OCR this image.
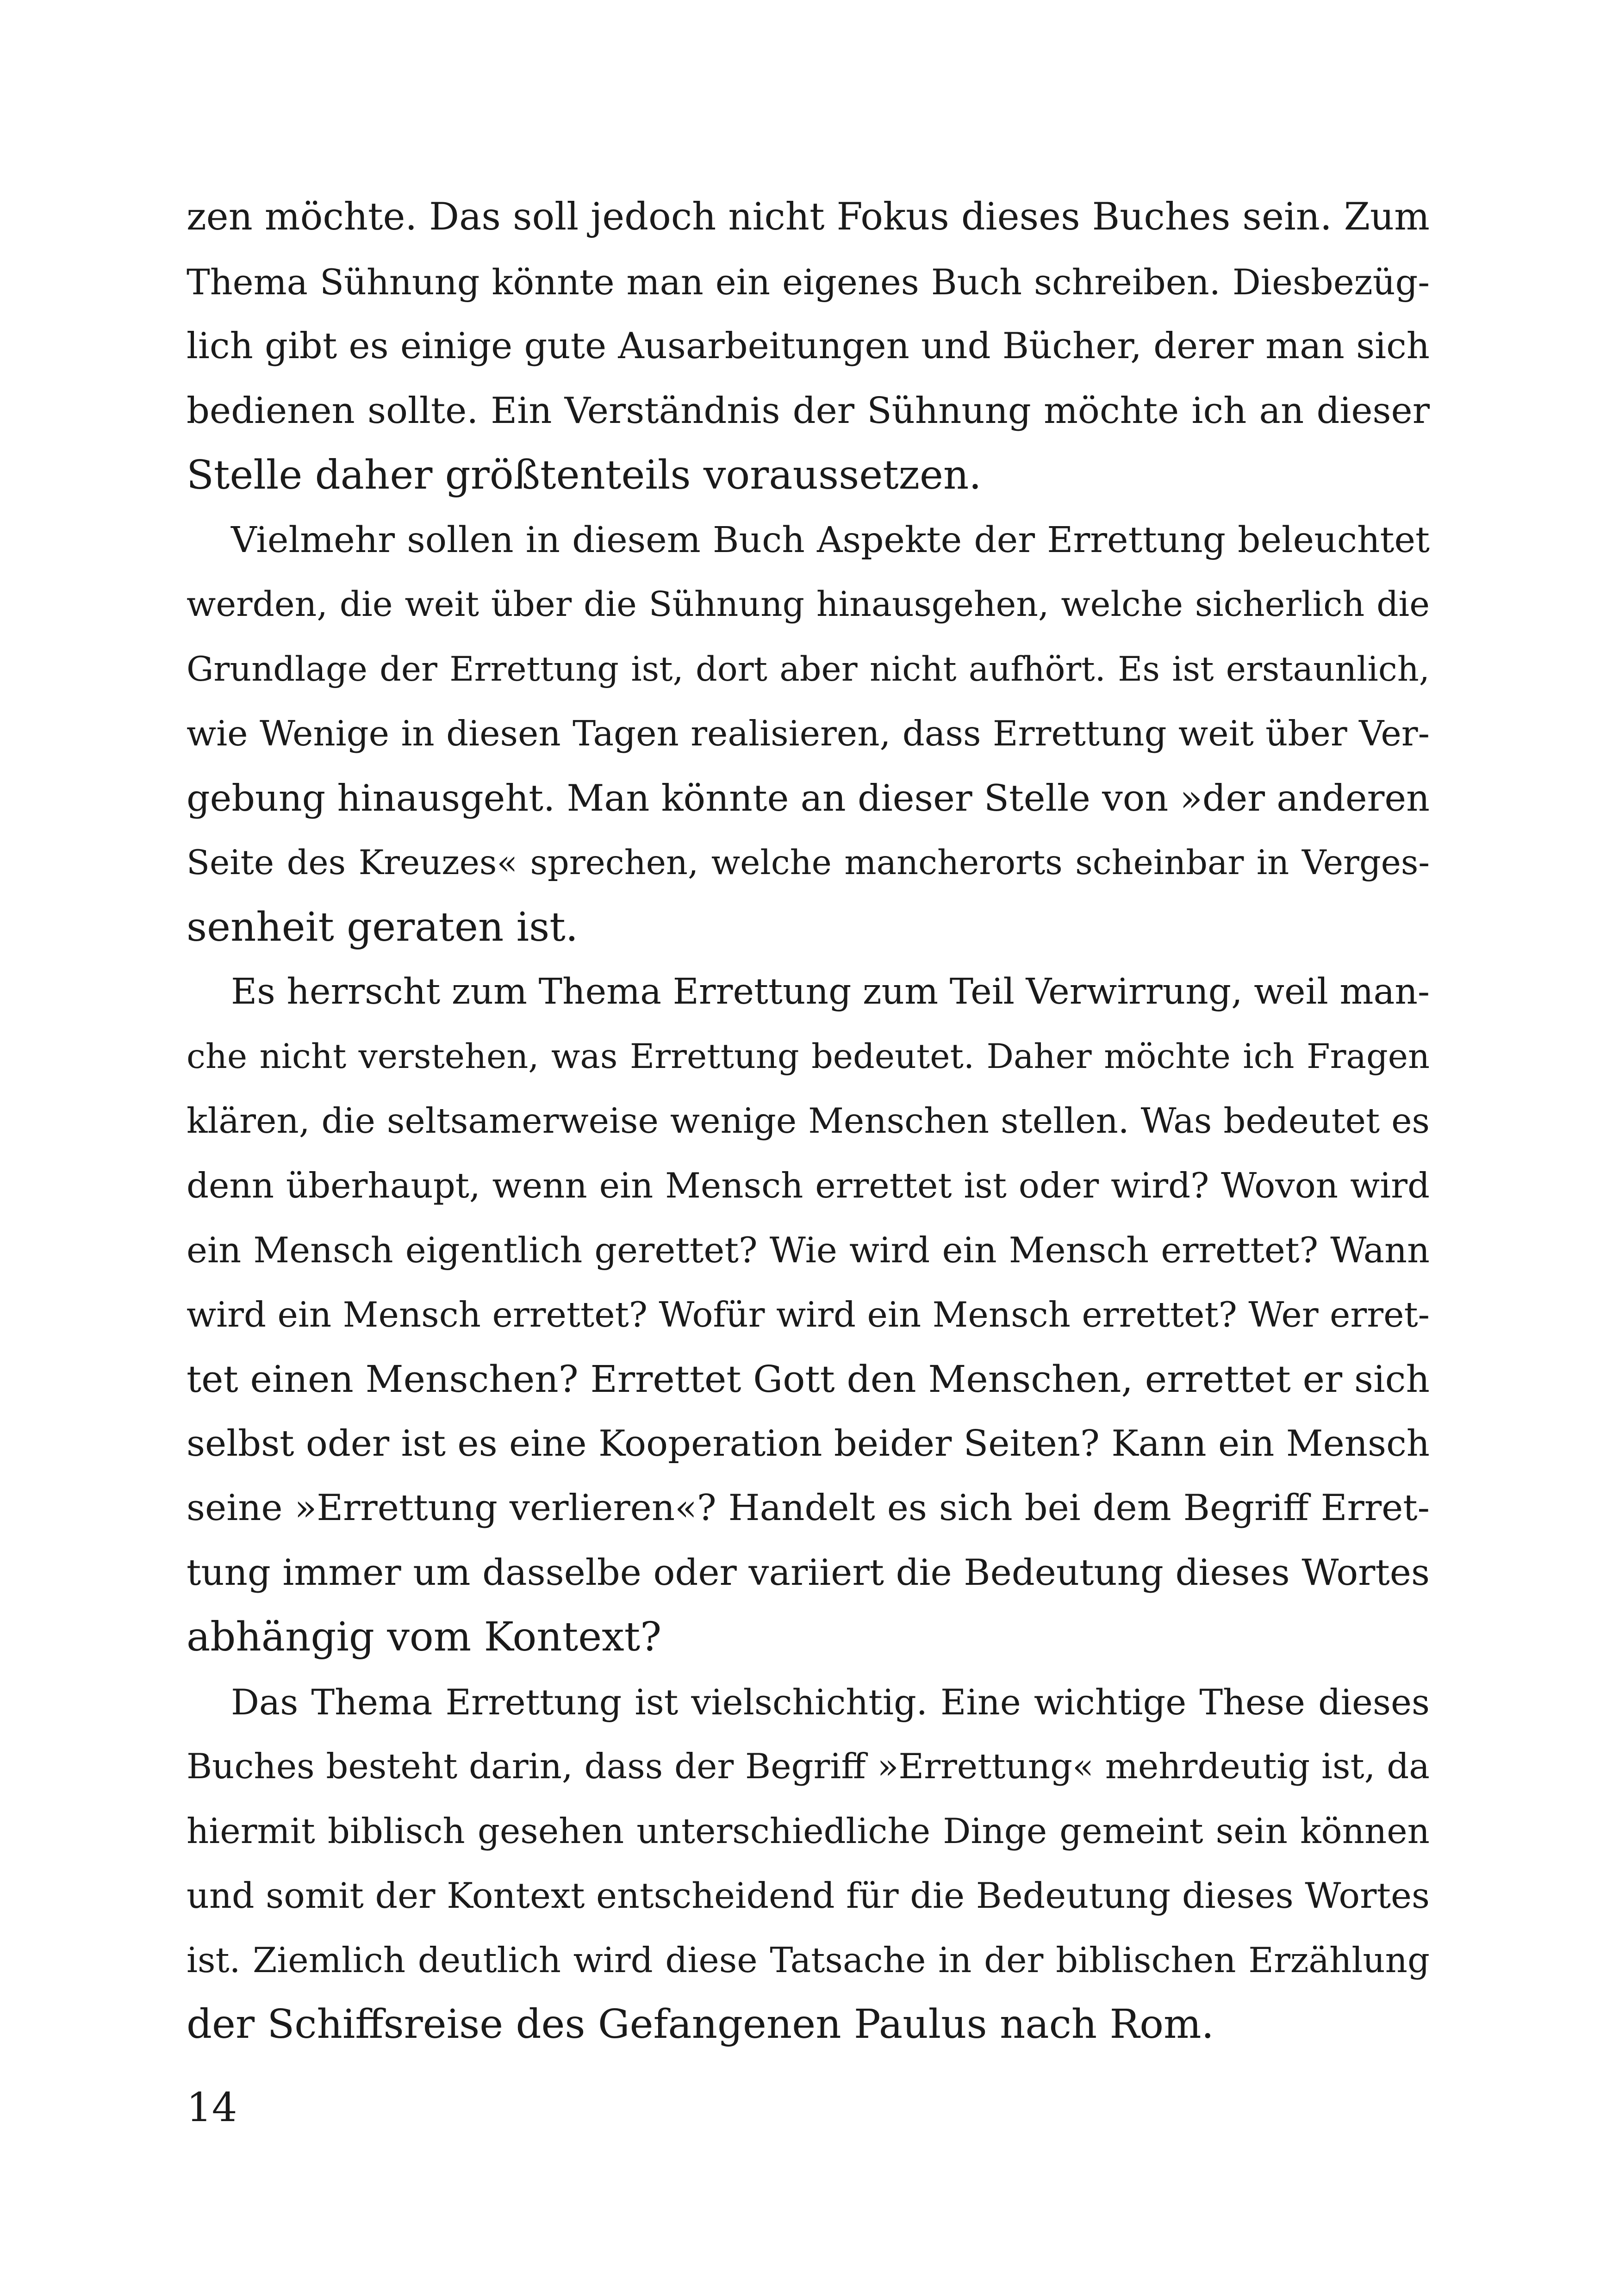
zen möchte. Das soll jedoch nicht Fokus dieses Buches sein. Zum
Thema Sühnung könnte man ein eigenes Buch schreiben. Diesbezüg-
lich gibt es einige gute Ausarbeitungen und Bücher, derer man sich
bedienen sollte. Ein Verständnis der Sühnung möchte ich an dieser
Stelle daher größtenteils voraussetzen.
Vielmehr sollen in diesem Buch Aspekte der Errettung beleuchtet
werden, die weit über die Sühnung hinausgehen, welche sicherlich die
Grundlage der Errettung ist, dort aber nicht aufhört. Es ist erstaunlich,
wie Wenige in diesen Tagen realisieren, dass Errettung weit über Ver-
gebung hinausgeht. Man könnte an dieser Stelle von »der anderen
Seite des Kreuzes« sprechen, welche mancherorts scheinbar in Verges-
senheit geraten ist.
Es herrscht zum Thema Errettung zum Teil Verwirrung, weil man-
che nicht verstehen, was Errettung bedeutet. Daher möchte ich Fragen
klären, die seltsamerweise wenige Menschen stellen. Was bedeutet es
denn überhaupt, wenn ein Mensch errettet ist oder wird? Wovon wird
ein Mensch eigentlich gerettet? Wie wird ein Mensch errettet? Wann
wird ein Mensch errettet? Wofür wird ein Mensch errettet? Wer erret-
tet einen Menschen? Errettet Gott den Menschen, errettet er sich
selbst oder ist es eine Kooperation beider Seiten? Kann ein Mensch
seine »Errettung verlieren«? Handelt es sich bei dem Begriff Erret-
tung immer um dasselbe oder variiert die Bedeutung dieses Wortes
abhängig vom Kontext?
Das Thema Errettung ist vielschichtig. Eine wichtige These dieses
Buches besteht darin, dass der Begriff »Errettung« mehrdeutig ist, da
hiermit biblisch gesehen unterschiedliche Dinge gemeint sein können
und somit der Kontext entscheidend für die Bedeutung dieses Wortes
ist. Ziemlich deutlich wird diese Tatsache in der biblischen Erzählung
der Schiffsreise des Gefangenen Paulus nach Rom.
14
